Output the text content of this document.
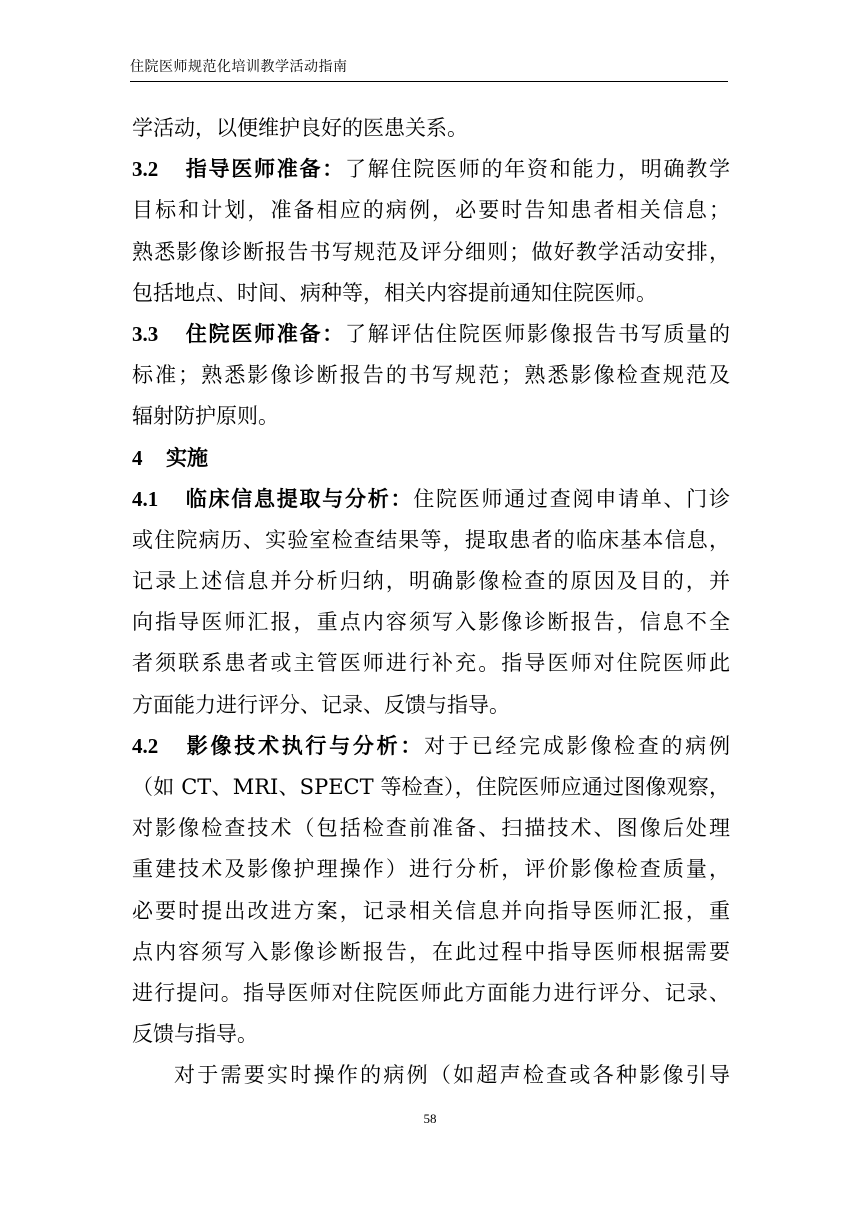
住院医师规范化培训教学活动指南
学活动，以便维护良好的医患关系。
3.2 指导医师准备：了解住院医师的年资和能力，明确教学
目标和计划，准备相应的病例，必要时告知患者相关信息；
熟悉影像诊断报告书写规范及评分细则；做好教学活动安排，
包括地点、时间、病种等，相关内容提前通知住院医师。
3.3 住院医师准备：了解评估住院医师影像报告书写质量的
标准；熟悉影像诊断报告的书写规范；熟悉影像检查规范及
辐射防护原则。
4 实施
4.1 临床信息提取与分析：住院医师通过查阅申请单、门诊
或住院病历、实验室检查结果等，提取患者的临床基本信息，
记录上述信息并分析归纳，明确影像检查的原因及目的，并
向指导医师汇报，重点内容须写入影像诊断报告，信息不全
者须联系患者或主管医师进行补充。指导医师对住院医师此
方面能力进行评分、记录、反馈与指导。
4.2 影像技术执行与分析：对于已经完成影像检查的病例
（如 CT、MRI、SPECT 等检查），住院医师应通过图像观察，
对影像检查技术（包括检查前准备、扫描技术、图像后处理
重建技术及影像护理操作）进行分析，评价影像检查质量，
必要时提出改进方案，记录相关信息并向指导医师汇报，重
点内容须写入影像诊断报告，在此过程中指导医师根据需要
进行提问。指导医师对住院医师此方面能力进行评分、记录、
反馈与指导。
对于需要实时操作的病例（如超声检查或各种影像引导
58
